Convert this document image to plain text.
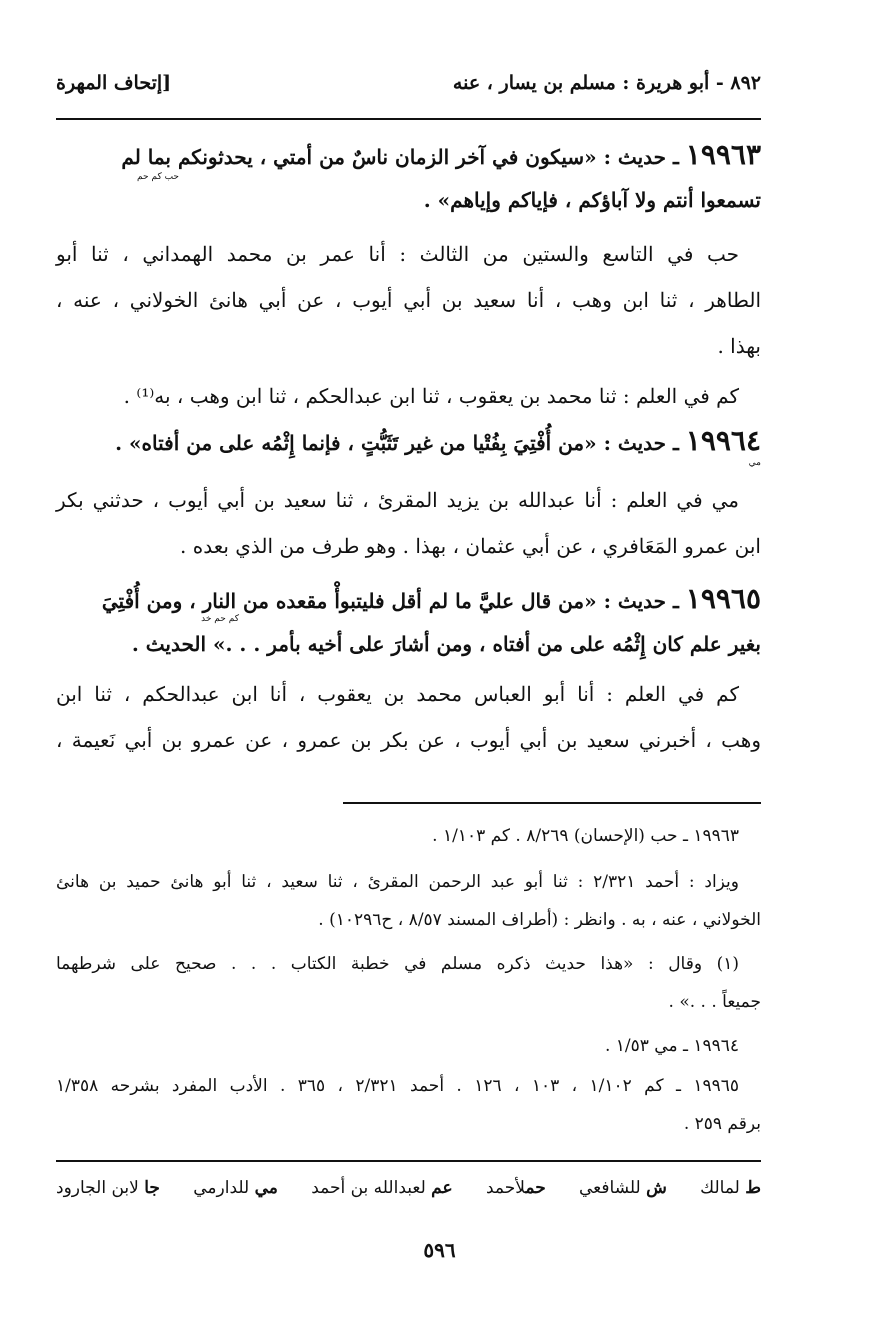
٨٩٢ - أبو هريرة : مسلم بن يسار ، عنه
[إتحاف المهرة
١٩٩٦٣ ـ حديث : «سيكون في آخر الزمان ناسٌ من أمتي ، يحدثونكم بما لم
حب كم حم
تسمعوا أنتم ولا آباؤكم ، فإياكم وإياهم» .
حب في التاسع والستين من الثالث : أنا عمر بن محمد الهمداني ، ثنا أبو
الطاهر ، ثنا ابن وهب ، أنا سعيد بن أبي أيوب ، عن أبي هانئ الخولاني ، عنه ،
بهذا .
كم في العلم : ثنا محمد بن يعقوب ، ثنا ابن عبدالحكم ، ثنا ابن وهب ، به⁽¹⁾ .
١٩٩٦٤ ـ حديث : «من أُفْتِيَ بِفُتْيا من غير تَثَبُّتٍ ، فإنما إِثْمُه على من أفتاه» .
مي
مي في العلم : أنا عبدالله بن يزيد المقرئ ، ثنا سعيد بن أبي أيوب ، حدثني بكر
ابن عمرو المَعَافري ، عن أبي عثمان ، بهذا . وهو طرف من الذي بعده .
١٩٩٦٥ ـ حديث : «من قال عليَّ ما لم أقل فليتبوأْ مقعده من النار ، ومن أُفْتِيَ
كم حم خد
بغير علم كان إِثْمُه على من أفتاه ، ومن أشارَ على أخيه بأمر . . .» الحديث .
كم في العلم : أنا أبو العباس محمد بن يعقوب ، أنا ابن عبدالحكم ، ثنا ابن
وهب ، أخبرني سعيد بن أبي أيوب ، عن بكر بن عمرو ، عن عمرو بن أبي نَعيمة ،
١٩٩٦٣ ـ حب (الإحسان) ٨/٢٦٩ . كم ١/١٠٣ .
ويزاد : أحمد ٢/٣٢١ : ثنا أبو عبد الرحمن المقرئ ، ثنا سعيد ، ثنا أبو هانئ حميد بن هانئ
الخولاني ، عنه ، به . وانظر : (أطراف المسند ٨/٥٧ ، ح١٠٢٩٦) .
(١) وقال : «هذا حديث ذكره مسلم في خطبة الكتاب . . . صحيح على شرطهما
جميعاً . . .» .
١٩٩٦٤ ـ مي ١/٥٣ .
١٩٩٦٥ ـ كم ١/١٠٢ ، ١٠٣ ، ١٢٦ . أحمد ٢/٣٢١ ، ٣٦٥ . الأدب المفرد بشرحه ١/٣٥٨
برقم ٢٥٩ .
ط لمالك
ش للشافعي
حملأحمد
عم لعبدالله بن أحمد
مي للدارمي
جا لابن الجارود
٥٩٦
